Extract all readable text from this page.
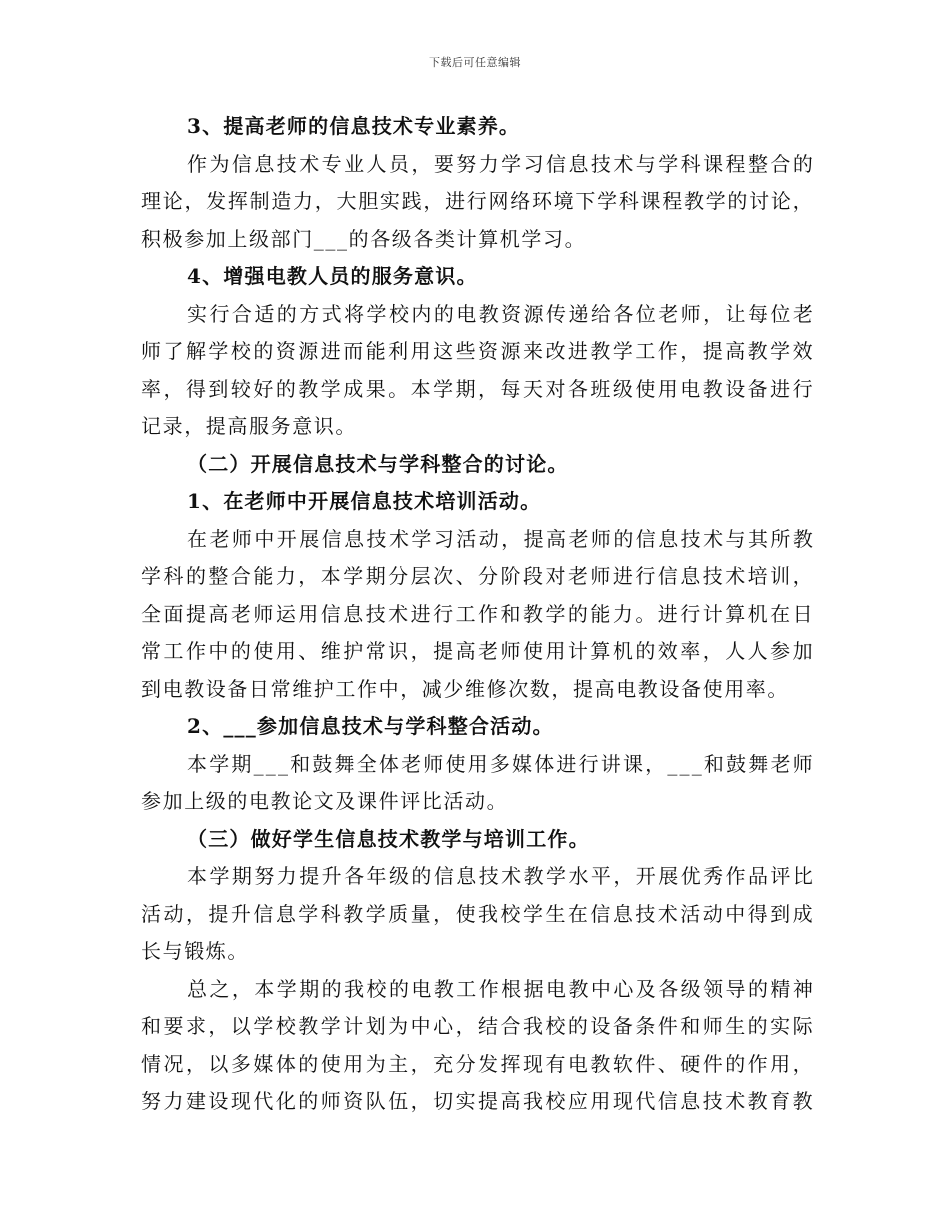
下载后可任意编辑
3、提高老师的信息技术专业素养。
作 为 信 息 技 术 专 业 人 员 ， 要 努 力 学 习 信 息 技 术 与 学 科 课 程 整 合 的
理 论 ， 发 挥 制 造 力 ， 大 胆 实 践 ， 进 行 网 络 环 境 下 学 科 课 程 教 学 的 讨 论 ，
积极参加上级部门___的各级各类计算机学习。
4、增强电教人员的服务意识。
实 行 合 适 的 方 式 将 学 校 内 的 电 教 资 源 传 递 给 各 位 老 师 ， 让 每 位 老
师 了 解 学 校 的 资 源 进 而 能 利 用 这 些 资 源 来 改 进 教 学 工 作 ， 提 高 教 学 效
率 ， 得 到 较 好 的 教 学 成 果 。 本 学 期 ， 每 天 对 各 班 级 使 用 电 教 设 备 进 行
记录，提高服务意识。
（二）开展信息技术与学科整合的讨论。
1、在老师中开展信息技术培训活动。
在 老 师 中 开 展 信 息 技 术 学 习 活 动 ， 提 高 老 师 的 信 息 技 术 与 其 所 教
学 科 的 整 合 能 力 ， 本 学 期 分 层 次 、 分 阶 段 对 老 师 进 行 信 息 技 术 培 训 ，
全 面 提 高 老 师 运 用 信 息 技 术 进 行 工 作 和 教 学 的 能 力 。 进 行 计 算 机 在 日
常 工 作 中 的 使 用 、 维 护 常 识 ， 提 高 老 师 使 用 计 算 机 的 效 率 ， 人 人 参 加
到电教设备日常维护工作中，减少维修次数，提高电教设备使用率。
2、___参加信息技术与学科整合活动。
本 学 期 _ _ _ 和 鼓 舞 全 体 老 师 使 用 多 媒 体 进 行 讲 课 ， _ _ _ 和 鼓 舞 老 师
参加上级的电教论文及课件评比活动。
（三）做好学生信息技术教学与培训工作。
本 学 期 努 力 提 升 各 年 级 的 信 息 技 术 教 学 水 平 ， 开 展 优 秀 作 品 评 比
活 动 ， 提 升 信 息 学 科 教 学 质 量 ， 使 我 校 学 生 在 信 息 技 术 活 动 中 得 到 成
长与锻炼。
总 之 ， 本 学 期 的 我 校 的 电 教 工 作 根 据 电 教 中 心 及 各 级 领 导 的 精 神
和 要 求 ， 以 学 校 教 学 计 划 为 中 心 ， 结 合 我 校 的 设 备 条 件 和 师 生 的 实 际
情 况 ， 以 多 媒 体 的 使 用 为 主 ， 充 分 发 挥 现 有 电 教 软 件 、 硬 件 的 作 用 ，
努 力 建 设 现 代 化 的 师 资 队 伍 ， 切 实 提 高 我 校 应 用 现 代 信 息 技 术 教 育 教
